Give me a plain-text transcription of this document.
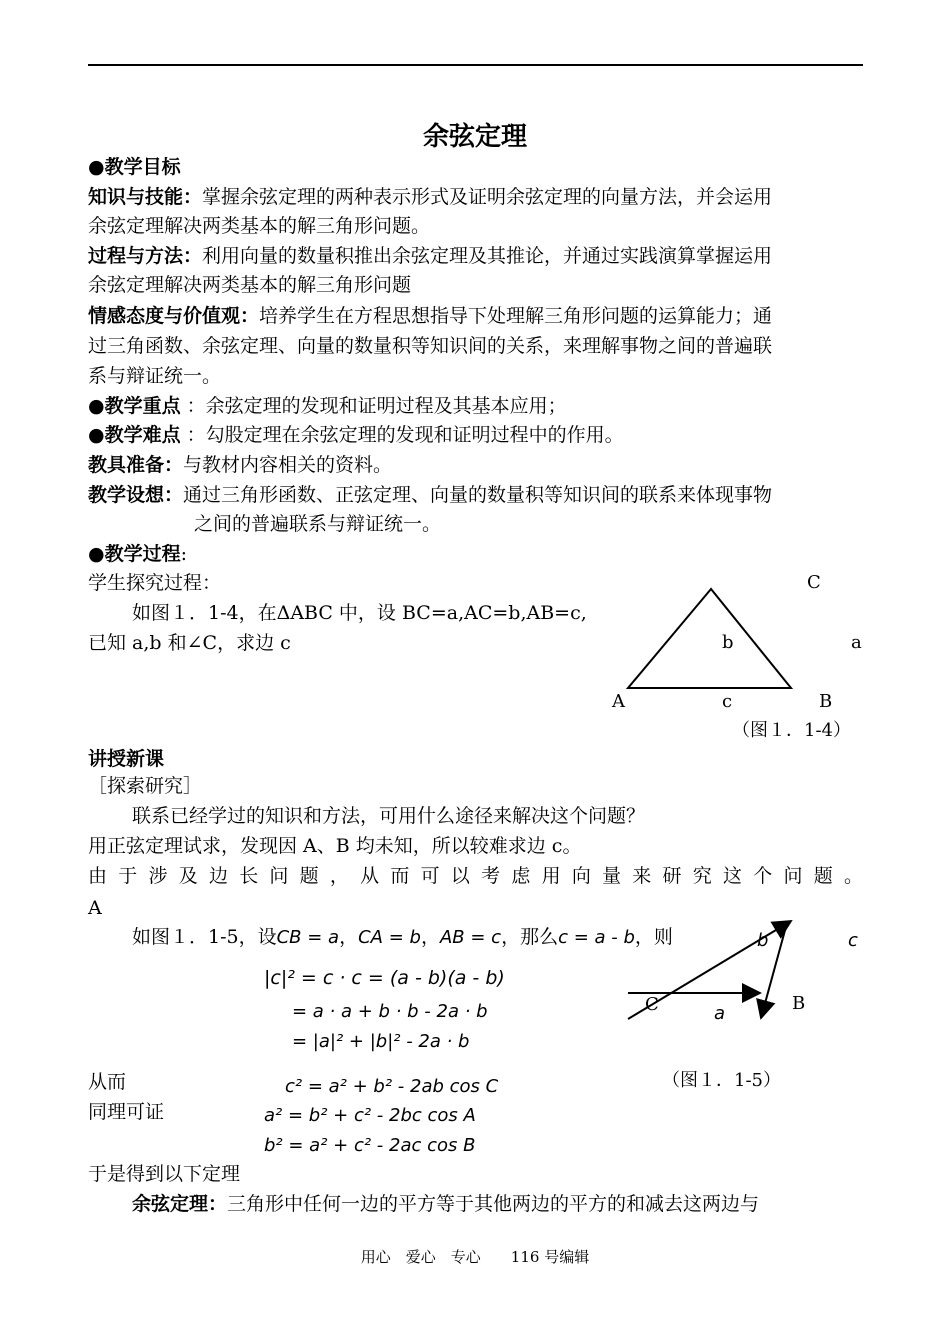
余弦定理
●教学目标
知识与技能：掌握余弦定理的两种表示形式及证明余弦定理的向量方法，并会运用
余弦定理解决两类基本的解三角形问题。
过程与方法：利用向量的数量积推出余弦定理及其推论，并通过实践演算掌握运用
余弦定理解决两类基本的解三角形问题
情感态度与价值观：培养学生在方程思想指导下处理解三角形问题的运算能力；通
过三角函数、余弦定理、向量的数量积等知识间的关系，来理解事物之间的普遍联
系与辩证统一。
●教学重点 ：余弦定理的发现和证明过程及其基本应用；
●教学难点 ：勾股定理在余弦定理的发现和证明过程中的作用。
教具准备：与教材内容相关的资料。
教学设想：通过三角形函数、正弦定理、向量的数量积等知识间的联系来体现事物
之间的普遍联系与辩证统一。
●教学过程:
学生探究过程：
如图１．1-4，在ΔABC 中，设 BC=a,AC=b,AB=c,
已知 a,b 和∠C，求边 c
C
b	a
A	c	B
（图１．1-4）
讲授新课
［探索研究］
联系已经学过的知识和方法，可用什么途径来解决这个问题？
用正弦定理试求，发现因 A、B 均未知，所以较难求边 c。
由于涉及边长问题，从而可以考虑用向量来研究这个问题。
A
如图１．1-5，设CB = a，CA = b，AB = c，那么c = a - b，则
|c|² = c · c = (a - b)(a - b)
= a · a + b · b - 2a · b
= |a|² + |b|² - 2a · b
b	c
C	a	B
（图１．1-5）
从而	c² = a² + b² - 2ab cos C
同理可证	a² = b² + c² - 2bc cos A
b² = a² + c² - 2ac cos B
于是得到以下定理
余弦定理：三角形中任何一边的平方等于其他两边的平方的和减去这两边与
用心　爱心　专心　　116 号编辑
